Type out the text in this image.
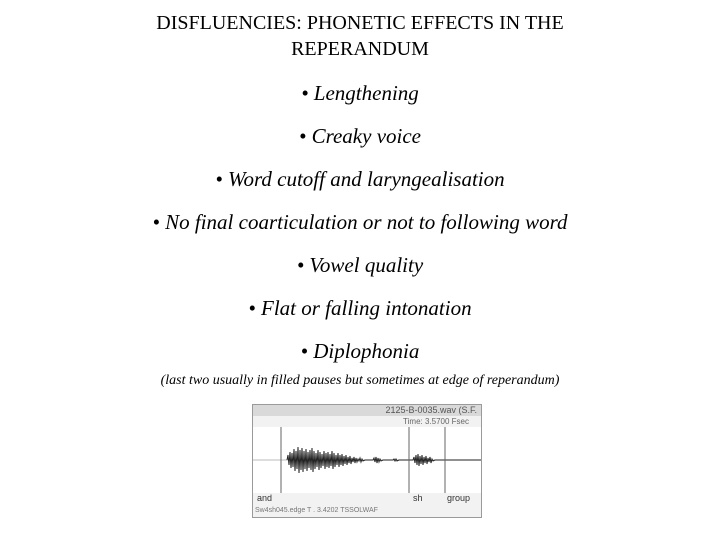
DISFLUENCIES: PHONETIC EFFECTS IN THE
REPERANDUM
• Lengthening
• Creaky voice
• Word cutoff and laryngealisation
• No final coarticulation or not to following word
• Vowel quality
• Flat or falling intonation
• Diplophonia
(last two usually in filled pauses but sometimes at edge of reperandum)
2125-B-0035.wav (S.F.
Time: 3.5700 Fsec
and	sh	group
Sw4sh045.edge T . 3.4202 TSSOLWAF
